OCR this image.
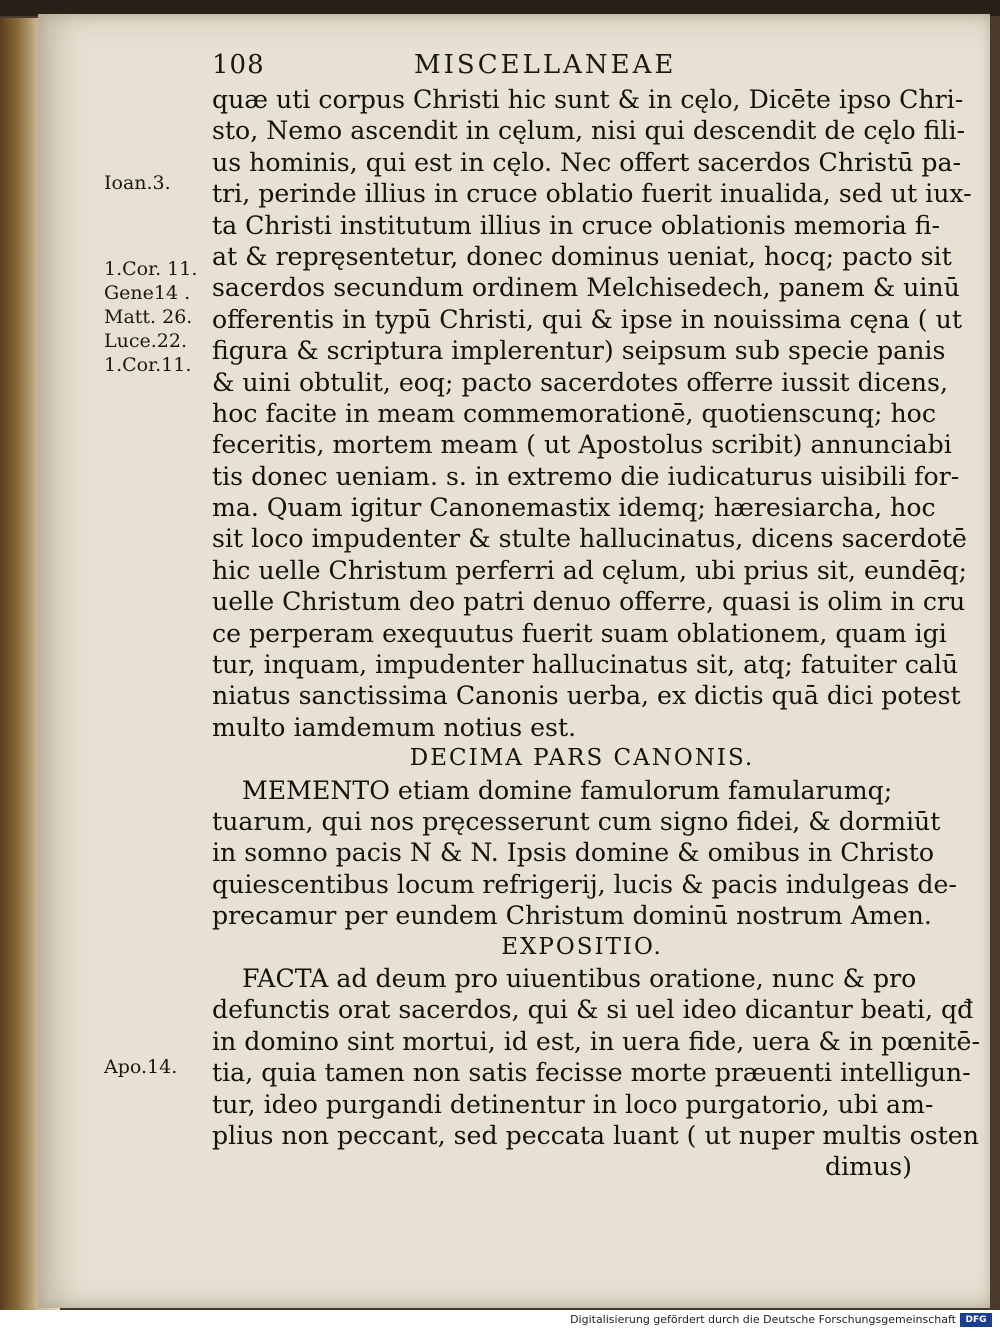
108	MISCELLANEAE
Ioan.3.
1.Cor. 11.
Gene14 .
Matt. 26.
Luce.22.
1.Cor.11.
Apo.14.
quæ uti corpus Christi hic sunt & in cęlo, Dicēte ipso Chri-
sto, Nemo ascendit in cęlum, nisi qui descendit de cęlo fili-
us hominis, qui est in cęlo. Nec offert sacerdos Christū pa-
tri, perinde illius in cruce oblatio fuerit inualida, sed ut iux-
ta Christi institutum illius in cruce oblationis memoria fi-
at & repręsentetur, donec dominus ueniat, hocq; pacto sit
sacerdos secundum ordinem Melchisedech, panem & uinū
offerentis in typū Christi, qui & ipse in nouissima cęna ( ut
figura & scriptura implerentur) seipsum sub specie panis
& uini obtulit, eoq; pacto sacerdotes offerre iussit dicens,
hoc facite in meam commemorationē, quotienscunq; hoc
feceritis, mortem meam ( ut Apostolus scribit) annunciabi
tis donec ueniam. s. in extremo die iudicaturus uisibili for-
ma. Quam igitur Canonemastix idemq; hæresiarcha, hoc
sit loco impudenter & stulte hallucinatus, dicens sacerdotē
hic uelle Christum perferri ad cęlum, ubi prius sit, eundēq;
uelle Christum deo patri denuo offerre, quasi is olim in cru
ce perperam exequutus fuerit suam oblationem, quam igi
tur, inquam, impudenter hallucinatus sit, atq; fatuiter calū
niatus sanctissima Canonis uerba, ex dictis quā dici potest
multo iamdemum notius est.
DECIMA PARS CANONIS.
MEMENTO etiam domine famulorum famularumq;
tuarum, qui nos pręcesserunt cum signo fidei, & dormiūt
in somno pacis N & N. Ipsis domine & omibus in Christo
quiescentibus locum refrigerij, lucis & pacis indulgeas de-
precamur per eundem Christum dominū nostrum Amen.
EXPOSITIO.
FACTA ad deum pro uiuentibus oratione, nunc & pro
defunctis orat sacerdos, qui & si uel ideo dicantur beati, qđ
in domino sint mortui, id est, in uera fide, uera & in pœnitē-
tia, quia tamen non satis fecisse morte præuenti intelligun-
tur, ideo purgandi detinentur in loco purgatorio, ubi am-
plius non peccant, sed peccata luant ( ut nuper multis osten
dimus)
Digitalisierung gefördert durch die Deutsche Forschungsgemeinschaft	DFG
